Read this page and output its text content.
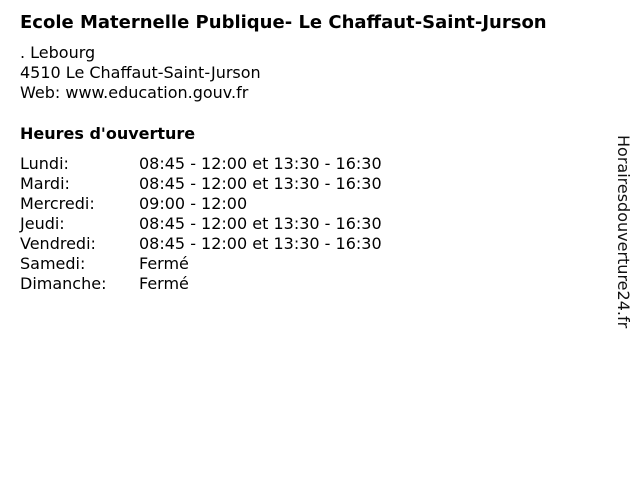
Ecole Maternelle Publique- Le Chaffaut-Saint-Jurson
. Lebourg
4510 Le Chaffaut-Saint-Jurson
Web: www.education.gouv.fr
Heures d'ouverture
Lundi:	08:45 - 12:00 et 13:30 - 16:30
Mardi:	08:45 - 12:00 et 13:30 - 16:30
Mercredi:	09:00 - 12:00
Jeudi:	08:45 - 12:00 et 13:30 - 16:30
Vendredi:	08:45 - 12:00 et 13:30 - 16:30
Samedi:	Fermé
Dimanche: Fermé	Horairesdouverture24.fr
